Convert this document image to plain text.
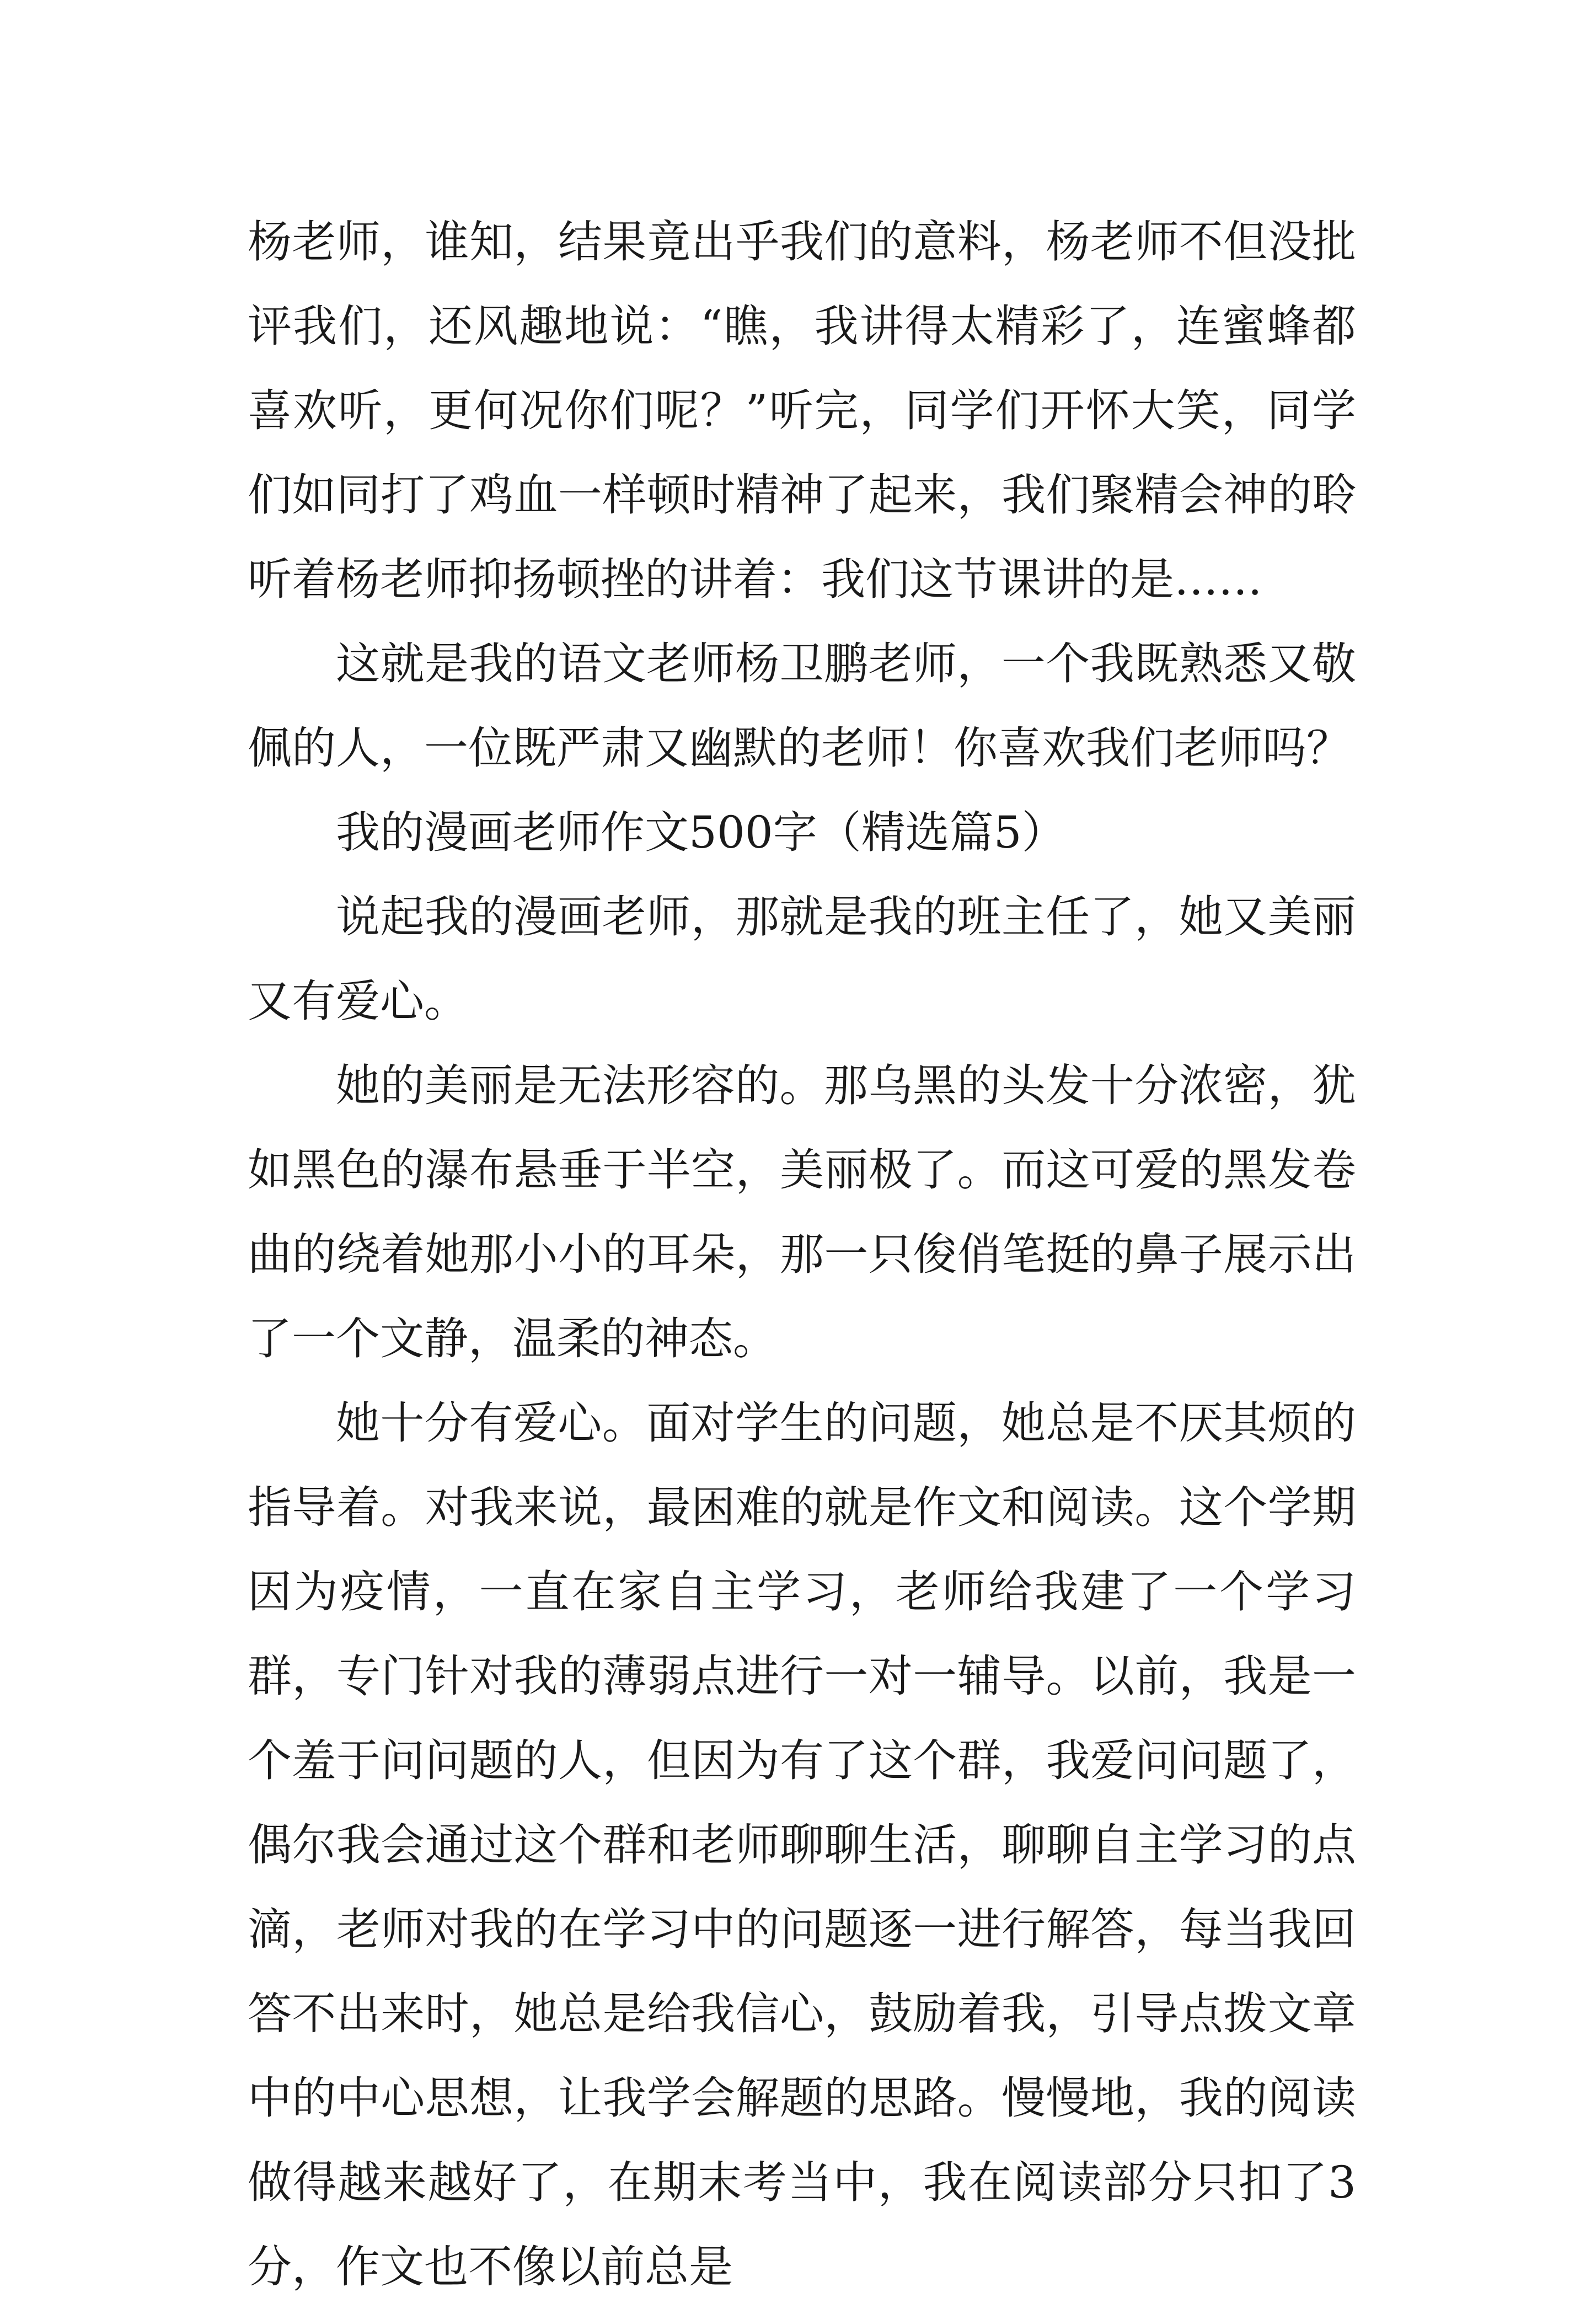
杨老师，谁知，结果竟出乎我们的意料，杨老师不但没批评我们，还风趣地说：“瞧，我讲得太精彩了，连蜜蜂都喜欢听，更何况你们呢？”听完，同学们开怀大笑，同学们如同打了鸡血一样顿时精神了起来，我们聚精会神的聆听着杨老师抑扬顿挫的讲着：我们这节课讲的是……

这就是我的语文老师杨卫鹏老师，一个我既熟悉又敬佩的人，一位既严肃又幽默的老师！你喜欢我们老师吗？

我的漫画老师作文500字（精选篇5）

说起我的漫画老师，那就是我的班主任了，她又美丽又有爱心。

她的美丽是无法形容的。那乌黑的头发十分浓密，犹如黑色的瀑布悬垂于半空，美丽极了。而这可爱的黑发卷曲的绕着她那小小的耳朵，那一只俊俏笔挺的鼻子展示出了一个文静，温柔的神态。

她十分有爱心。面对学生的问题，她总是不厌其烦的指导着。对我来说，最困难的就是作文和阅读。这个学期因为疫情，一直在家自主学习，老师给我建了一个学习群，专门针对我的薄弱点进行一对一辅导。以前，我是一个羞于问问题的人，但因为有了这个群，我爱问问题了，偶尔我会通过这个群和老师聊聊生活，聊聊自主学习的点滴，老师对我的在学习中的问题逐一进行解答，每当我回答不出来时，她总是给我信心，鼓励着我，引导点拨文章中的中心思想，让我学会解题的思路。慢慢地，我的阅读做得越来越好了，在期末考当中，我在阅读部分只扣了3分，作文也不像以前总是
